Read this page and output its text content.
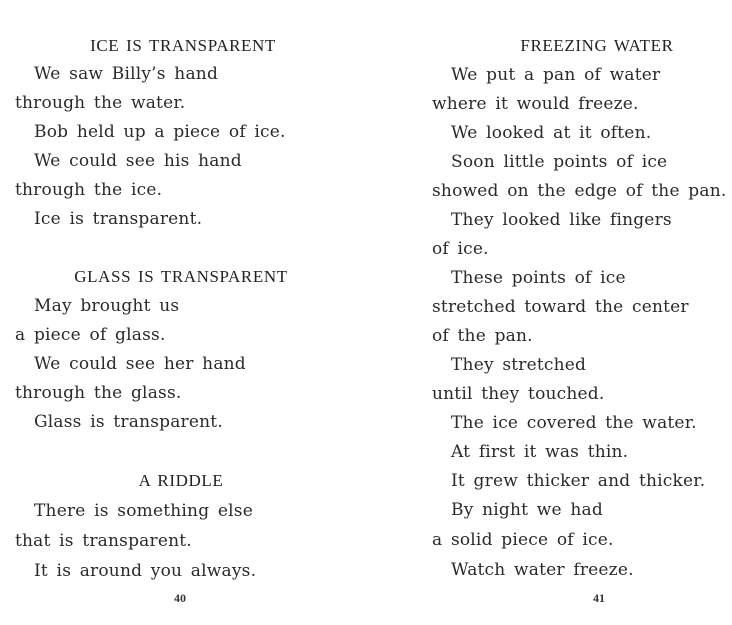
ICE IS TRANSPARENT
We saw Billy’s hand
through the water.
Bob held up a piece of ice.
We could see his hand
through the ice.
Ice is transparent.
GLASS IS TRANSPARENT
May brought us
a piece of glass.
We could see her hand
through the glass.
Glass is transparent.
A RIDDLE
There is something else
that is transparent.
It is around you always.
40
FREEZING WATER
We put a pan of water
where it would freeze.
We looked at it often.
Soon little points of ice
showed on the edge of the pan.
They looked like fingers
of ice.
These points of ice
stretched toward the center
of the pan.
They stretched
until they touched.
The ice covered the water.
At first it was thin.
It grew thicker and thicker.
By night we had
a solid piece of ice.
Watch water freeze.
41
